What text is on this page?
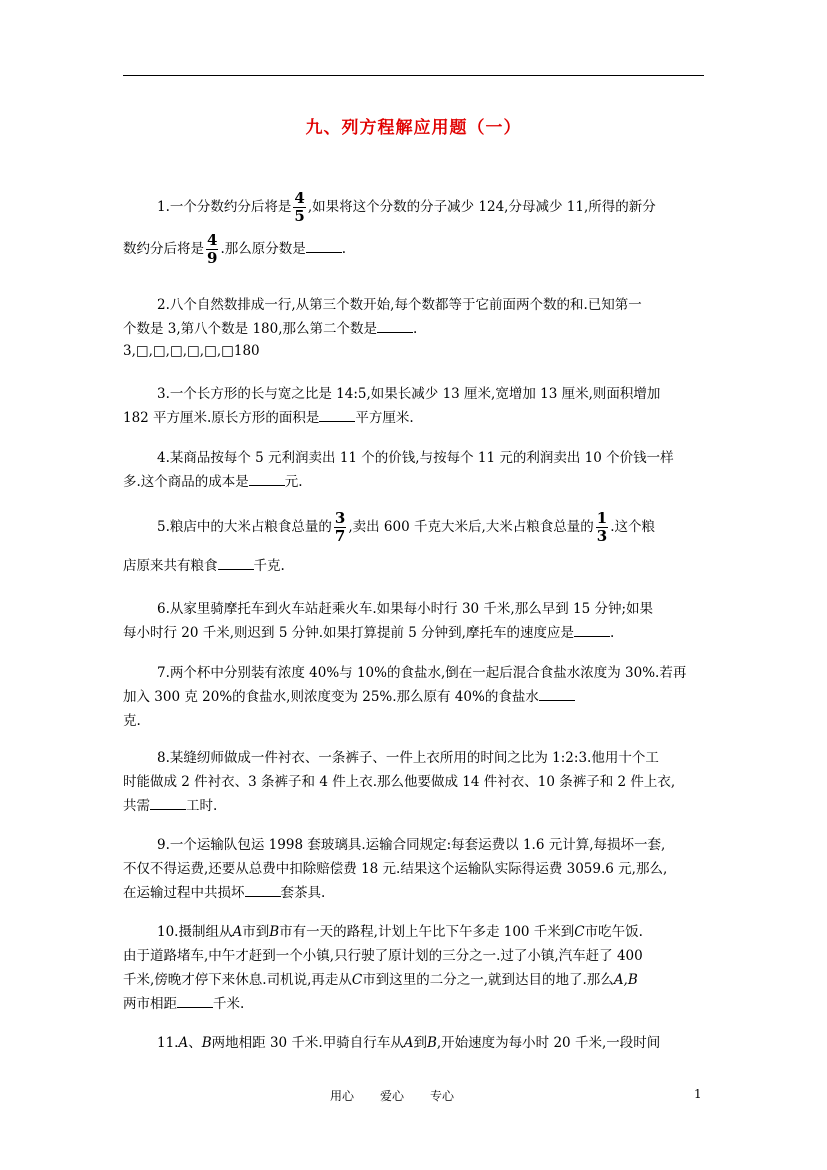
九、列方程解应用题（一）
1.一个分数约分后将是 $\frac{4}{5}$ ,如果将这个分数的分子减少 124,分母减少 11,所得的新分
数约分后将是 $\frac{4}{9}$ .那么原分数是	.
2.八个自然数排成一行,从第三个数开始,每个数都等于它前面两个数的和.已知第一
个数是 3,第八个数是 180,那么第二个数是	.
3,□,□,□,□,□,□180
3.一个长方形的长与宽之比是 14:5,如果长减少 13 厘米,宽增加 13 厘米,则面积增加
182 平方厘米.原长方形的面积是	平方厘米.
4.某商品按每个 5 元利润卖出 11 个的价钱,与按每个 11 元的利润卖出 10 个价钱一样
多.这个商品的成本是	元.
5.粮店中的大米占粮食总量的 $\frac{3}{7}$ ,卖出 600 千克大米后,大米占粮食总量的 $\frac{1}{3}$ .这个粮
店原来共有粮食	千克.
6.从家里骑摩托车到火车站赶乘火车.如果每小时行 30 千米,那么早到 15 分钟;如果
每小时行 20 千米,则迟到 5 分钟.如果打算提前 5 分钟到,摩托车的速度应是	.
7.两个杯中分别装有浓度 40%与 10%的食盐水,倒在一起后混合食盐水浓度为 30%.若再
加入 300 克 20%的食盐水,则浓度变为 25%.那么原有 40%的食盐水
克.
8.某缝纫师做成一件衬衣、一条裤子、一件上衣所用的时间之比为 1:2:3.他用十个工
时能做成 2 件衬衣、3 条裤子和 4 件上衣.那么他要做成 14 件衬衣、10 条裤子和 2 件上衣,
共需	工时.
9.一个运输队包运 1998 套玻璃具.运输合同规定:每套运费以 1.6 元计算,每损坏一套,
不仅不得运费,还要从总费中扣除赔偿费 18 元.结果这个运输队实际得运费 3059.6 元,那么,
在运输过程中共损坏	套茶具.
10.摄制组从A市到B市有一天的路程,计划上午比下午多走 100 千米到C市吃午饭.
由于道路堵车,中午才赶到一个小镇,只行驶了原计划的三分之一.过了小镇,汽车赶了 400
千米,傍晚才停下来休息.司机说,再走从C市到这里的二分之一,就到达目的地了.那么A,B
两市相距	千米.
11.A、B两地相距 30 千米.甲骑自行车从A到B,开始速度为每小时 20 千米,一段时间
用心 爱心 专心	1
